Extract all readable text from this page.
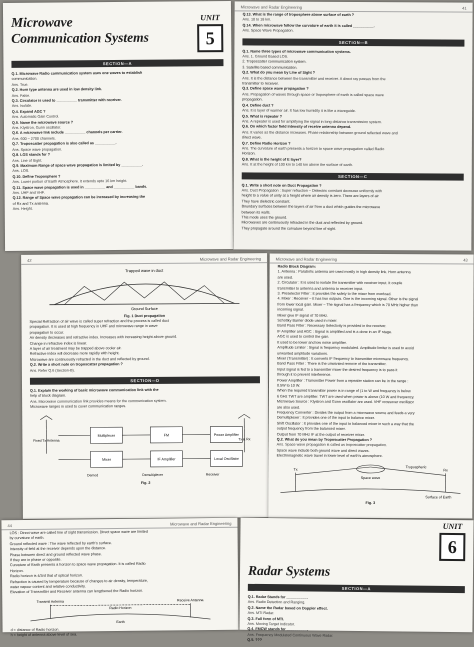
Microwave
Communication Systems
UNIT
5
SECTION—A
Q.1. Microwave Radio communication system uses one waves to establish
communication.
Ans. True.
Q.2. Horn type antenna are used in low density link.
Ans. False.
Q.3. Circulator is used to __________ transmitter with receiver.
Ans. Isolate.
Q.4. Expand AGC ?
Ans. Automatic Gain Control.
Q.5. Name the microwave source ?
Ans. Klystron, Gunn oscillator.
Q.6. A microwave link include __________ channels per carrier.
Ans. 600 – 2700 channels.
Q.7. Troposcatter propagation is also called as __________.
Ans. Space wave propagation.
Q.8. LOS stands for ?
Ans. Line of Sight.
Q.9. Maximum Range of space wave propagation is limited by __________.
Ans. LOS.
Q.10. Define Troposphere ?
Ans. Lower portion of Earth Atmosphere. It extends upto 16 km height.
Q.11. Space wave propagation is used in __________ and __________ bands.
Ans. UHF and VHF.
Q.12. Range of Space wave propagation can be increased by increasing the
of Rx and Tx antenna.
Ans. Height.
Microwave and Radar Engineering	41
Q.13. What is the range of troposphere above surface of earth ?
Ans. 10 to 18 km.
Q.14. When microwave follow the curvature of earth it is called __________.
Ans. Space Wave Propagation.
SECTION—B
Q.1. Name three types of microwave communication systems.
Ans. 1. Ground Based LOS.
2. Troposcatter communication system.
3. Satellite based communication.
Q.2. What do you mean by Line of Sight ?
Ans. It is the distance between the transmitter and receiver. A direct ray passes from the
transmitter to receiver.
Q.3. Define space wave propagation ?
Ans. Propagation of waves through space or troposphere of earth is called space wave
propagation.
Q.4. Define duct ?
Ans. It is layer of warmer air. It has low humidity it is like a waveguide.
Q.5. What is repeater ?
Ans. A repeater is used for amplifying the signal in long distance transmission system.
Q.6. On which factor field intensity of receive antenna depend.
Ans. It varies as the distance increases. Phase relationship between ground reflected wave and
direct wave.
Q.7. Define Radio Horizon ?
Ans. The curvature of earth presents a horizon to space wave propagation called Radio
Horizon.
Q.8. What is the height of E layer?
Ans. It at the height of 100 km to 140 km above the surface of earth.
SECTION—C
Q.1. Write a short note on Duct Propagation ?
Ans. Duct Propagation : Super refraction – Dielectric constant decrease uniformly with
height to a value of unity at a height where air density is zero. There are layers of air
They have dielectric constant.
Boundary surfaces between the layers of air from a duct which guides the microwave
between its walls.
This mode uses the ground.
Microwaves are continuously refracted in the duct and reflected by ground.
They propagate around the curvature beyond line of sight.
42	Microwave and Radar Engineering
Trapped wave in duct
Ground Surface
Fig. 1 Duct propagation
Special Refraction of air wave is called super refraction and the process is called duct
propagation. It is used at high frequency in UHF and microwave range in wave
propagation to occur.
Air density decreases and refractive index. Increases with increasing height above ground.
Change in refractive index is linear.
A layer of air treatment may be trapped above cooler air.
Refractive index will decrease more rapidly with height.
Microwave are continuously refracted in the duct and reflected by ground.
Q.2. Write a short note on troposcatter propagation ?
Ans. Refer Q.6 (Section-B).
SECTION—D
Q.1. Explain the working of basic microwave communication link with the
help of block diagram.
Ans. Microwave communication link provides means for the communication system.
Microwave ranges in used to cover communication ranges.
Multiplexer	FM	Power Amplifier
Mixer	IF Amplifier	Local Oscillator
Fixed Tx Antenna	Tx & Rx
Demod	Demultiplexer	Receiver
Fig. 2
Microwave and Radar Engineering	43
Radio Block Diagram:
1. Antenna : Parabolic antenna are used mostly in high density link. Horn antenna
are used.
2. Circulator : It is used to isolate the transmitter with receiver input. It couple
transmitter to antenna and antenna to receiver input.
3. Preselector Filter : It provides the safety to the mixer from overload.
4. Mixer : Receiver – It has two outputs. One is the incoming signal. Other is the signal
from lower local gain. Mixer – The signal has a frequency which is 70 MHz higher than
incoming signal.
Mixer give IF signal of 70 MHz.
Schottky Barrier diode used in mixer.
Band Pass Filter : Necessary Selectivity is provided in the receiver.
IF Amplifier and AGC : Signal is amplified and is a done in an IF stage.
AGC is used to control the gain.
It used to be lower and low noise amplifier.
Amplitude Limiter : Signal is frequency modulated. Amplitude limiter is used to avoid
unwanted amplitude variations.
Mixer (Transmitter) : It converts IF frequency to transmitter microwave frequency.
Band Pass Filter : There is the unwanted remove of the transmitter.
Input signal is fed to a transmitter mixer the desired frequency is to pass it
through it to prevent interference.
Power Amplifier : Transmitter Power from a repeater station can be in the range :
0.5W to 10 W.
When the required transmitter power is in range of (1 to W and frequency is below
6 GHz TWT are amplifier. TWT are used when power is above (10 W and frequency.
Microwave Source : Klystron and Gunn oscillator are used. VHF crossover oscillator
are also used.
Frequency Converter : Divides the output from a microwave source and feeds a very
Demultiplexer : It provides one of the input to balance mixer.
Shift Oscillator : It provides one of the input to balanced mixer in such a way that the
output frequency from the balanced mixer.
Output from 70 MHz IF at the output of receiver mixer.
Q.2. What do you mean by Troposcatter Propagation ?
Ans. Space wave propagation is called as troposcatter propagation.
Space wave include both ground wave and direct waves.
Electromagnetic wave travel in lower level of earth's atmosphere.
Tx
Space wave
Rx
Tropospheric
Surface of Earth
Fig. 3
44	Microwave and Radar Engineering
LOS : Direct wave are called line of sight transmission. Direct space wave are limited
by curvature of earth.
Ground reflected wave : The wave reflected by earth's surface.
Intensity of field at the receiver depends upon the distance.
Phase between direct and ground reflected wave phase.
If they are in phase or opposite.
Curvature of Earth presents a horizon to space wave propagation. It is called Radio
Horizon.
Radio horizon is 4/3rd that of optical horizon.
Refraction is caused by temperature because of changes to air density, temperature,
water vapour content and relative conductivity.
Elevation of Transmitter and Receiver antenna can lengthened the Radio horizon.
Transmit Antenna	Receive Antenna
Radio Horizon
Earth
d = distance of Radio horizon.
h = height of antenna above level of sea.
UNIT
6
Radar Systems
SECTION—A
Q.1. Radar Stands for __________.
Ans. Radio Detection and Ranging.
Q.2. Name the Radar based on Doppler effect.
Ans. MTI Radar.
Q.3. Full form of MTI.
Ans. Moving Target Indicator.
Q.4. FMCW stands for __________.
Ans. Frequency Modulated Continuous Wave Radar.
Q.5. ???
